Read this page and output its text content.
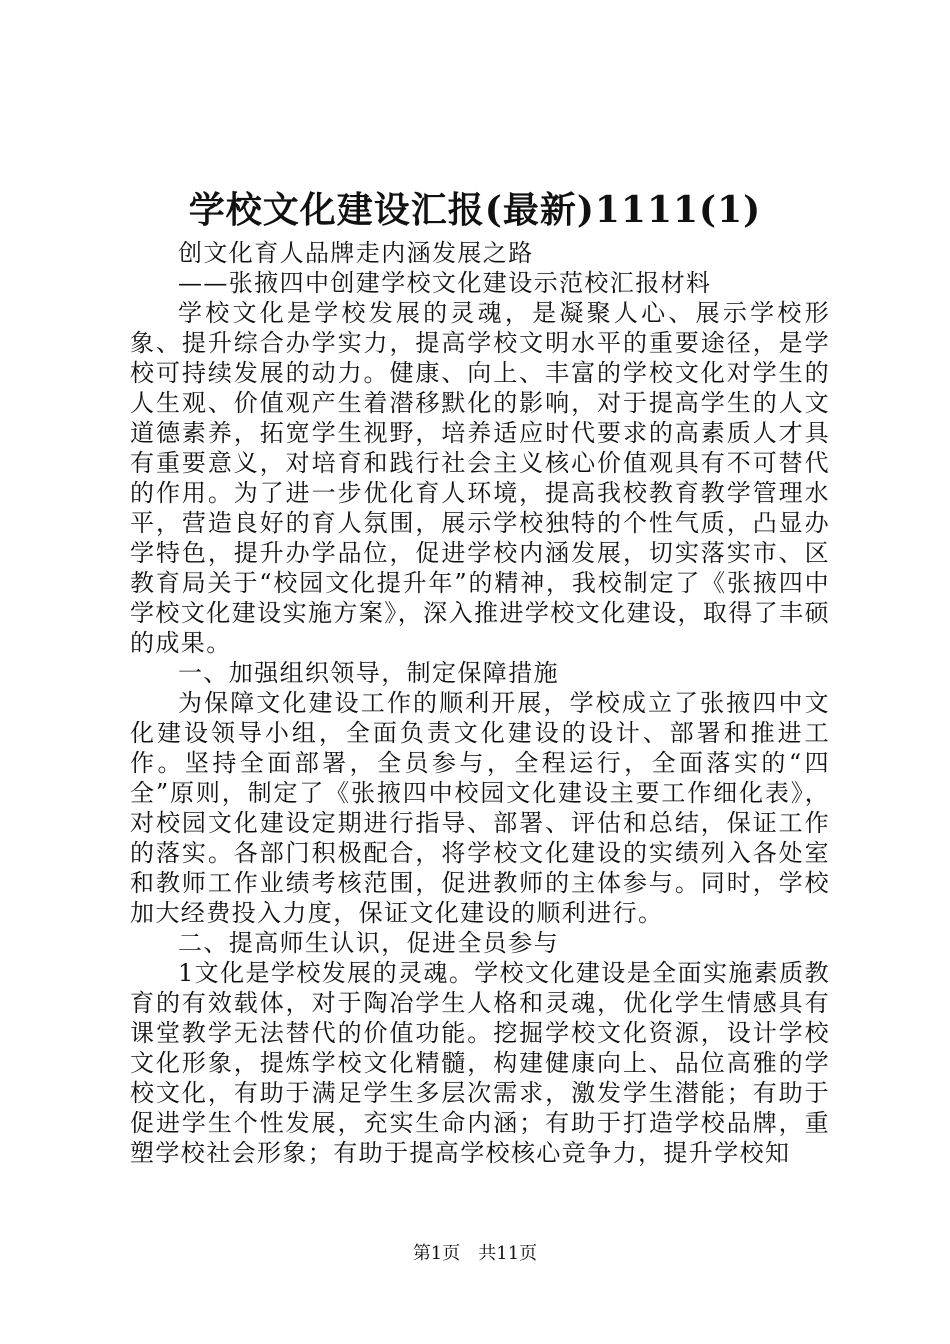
学校文化建设汇报(最新)1111(1)

创文化育人品牌走内涵发展之路

——张掖四中创建学校文化建设示范校汇报材料

学校文化是学校发展的灵魂，是凝聚人心、展示学校形象、提升综合办学实力，提高学校文明水平的重要途径，是学校可持续发展的动力。健康、向上、丰富的学校文化对学生的人生观、价值观产生着潜移默化的影响，对于提高学生的人文道德素养，拓宽学生视野，培养适应时代要求的高素质人才具有重要意义，对培育和践行社会主义核心价值观具有不可替代的作用。为了进一步优化育人环境，提高我校教育教学管理水平，营造良好的育人氛围，展示学校独特的个性气质，凸显办学特色，提升办学品位，促进学校内涵发展，切实落实市、区教育局关于“校园文化提升年”的精神，我校制定了《张掖四中学校文化建设实施方案》，深入推进学校文化建设，取得了丰硕的成果。

一、加强组织领导，制定保障措施

为保障文化建设工作的顺利开展，学校成立了张掖四中文化建设领导小组，全面负责文化建设的设计、部署和推进工作。坚持全面部署，全员参与，全程运行，全面落实的“四全”原则，制定了《张掖四中校园文化建设主要工作细化表》，对校园文化建设定期进行指导、部署、评估和总结，保证工作的落实。各部门积极配合，将学校文化建设的实绩列入各处室和教师工作业绩考核范围，促进教师的主体参与。同时，学校加大经费投入力度，保证文化建设的顺利进行。

二、提高师生认识，促进全员参与

1文化是学校发展的灵魂。学校文化建设是全面实施素质教育的有效载体，对于陶冶学生人格和灵魂，优化学生情感具有课堂教学无法替代的价值功能。挖掘学校文化资源，设计学校文化形象，提炼学校文化精髓，构建健康向上、品位高雅的学校文化，有助于满足学生多层次需求，激发学生潜能；有助于促进学生个性发展，充实生命内涵；有助于打造学校品牌，重塑学校社会形象；有助于提高学校核心竞争力，提升学校知

第1页 共11页
